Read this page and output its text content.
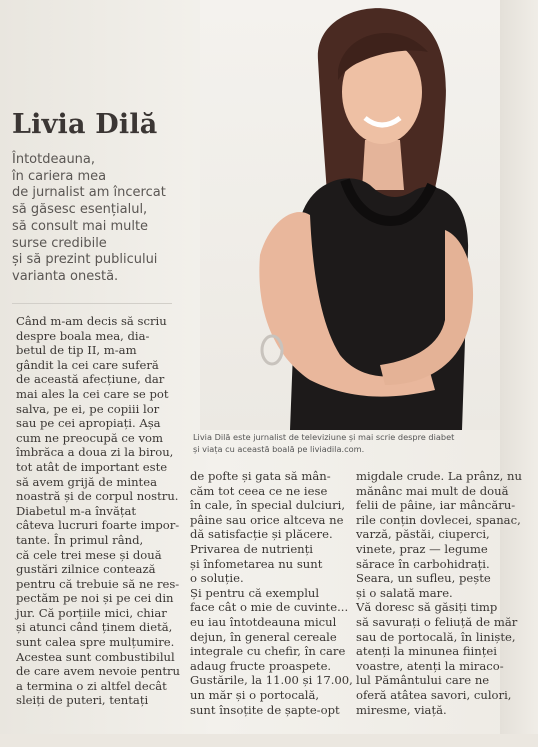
Livia Dilă
Întotdeauna,
în cariera mea
de jurnalist am încercat
să găsesc esențialul,
să consult mai multe
surse credibile
și să prezint publicului
varianta onestă.
Livia Dilă este jurnalist de televiziune și mai scrie despre diabet
și viața cu această boală pe liviadila.com.
Când m-am decis să scriu
despre boala mea, dia-
betul de tip II, m-am
gândit la cei care suferă
de această afecțiune, dar
mai ales la cei care se pot
salva, pe ei, pe copiii lor
sau pe cei apropiați. Așa
cum ne preocupă ce vom
îmbrăca a doua zi la birou,
tot atât de important este
să avem grijă de mintea
noastră și de corpul nostru.
Diabetul m-a învățat
câteva lucruri foarte impor-
tante. În primul rând,
că cele trei mese și două
gustări zilnice contează
pentru că trebuie să ne res-
pectăm pe noi și pe cei din
jur. Că porțiile mici, chiar
și atunci când ținem dietă,
sunt calea spre mulțumire.
Acestea sunt combustibilul
de care avem nevoie pentru
a termina o zi altfel decât
sleiți de puteri, tentați
de pofte și gata să mân-
căm tot ceea ce ne iese
în cale, în special dulciuri,
pâine sau orice altceva ne
dă satisfacție și plăcere.
Privarea de nutrienți
și înfometarea nu sunt
o soluție.
Și pentru că exemplul
face cât o mie de cuvinte...
eu iau întotdeauna micul
dejun, în general cereale
integrale cu chefir, în care
adaug fructe proaspete.
Gustările, la 11.00 și 17.00,
un măr și o portocală,
sunt însoțite de șapte-opt
migdale crude. La prânz, nu
mănânc mai mult de două
felii de pâine, iar mâncăru-
rile conțin dovlecei, spanac,
varză, păstăi, ciuperci,
vinete, praz — legume
sărace în carbohidrați.
Seara, un sufleu, pește
și o salată mare.
Vă doresc să găsiți timp
să savurați o feliuță de măr
sau de portocală, în liniște,
atenți la minunea ființei
voastre, atenți la miraco-
lul Pământului care ne
oferă atâtea savori, culori,
miresme, viață.
